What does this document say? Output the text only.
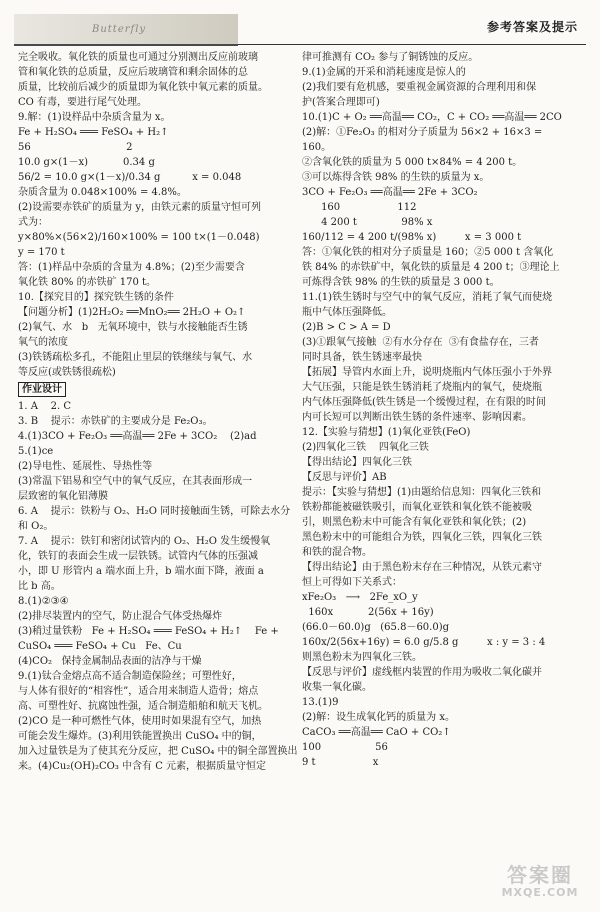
Butterfly	参考答案及提示
完全吸收。氧化铁的质量也可通过分别测出反应前玻璃
管和氧化铁的总质量，反应后玻璃管和剩余固体的总
质量，比较前后减少的质量即为氧化铁中氧元素的质量。
CO 有毒，要进行尾气处理。
9.解：(1)设样品中杂质含量为 x。
Fe + H₂SO₄ ═══ FeSO₄ + H₂↑
56                              2
10.0 g×(1－x)           0.34 g
56/2 = 10.0 g×(1－x)/0.34 g          x = 0.048
杂质含量为 0.048×100% = 4.8%。
(2)设需要赤铁矿的质量为 y，由铁元素的质量守恒可列
式为：
y×80%×(56×2)/160×100% = 100 t×(1－0.048)
y = 170 t
答：(1)样品中杂质的含量为 4.8%；(2)至少需要含
氧化铁 80% 的赤铁矿 170 t。
10.【探究目的】探究铁生锈的条件
【问题分析】(1)2H₂O₂ ══MnO₂══ 2H₂O + O₂↑
(2)氧气、水   b   无氧环境中，铁与水接触能否生锈
氧气的浓度
(3)铁锈疏松多孔，不能阻止里层的铁继续与氧气、水
等反应(或铁锈很疏松)
作业设计
1. A    2. C
3. B    提示：赤铁矿的主要成分是 Fe₂O₃。
4.(1)3CO + Fe₂O₃ ══高温══ 2Fe + 3CO₂    (2)ad
5.(1)ce
(2)导电性、延展性、导热性等
(3)常温下铝易和空气中的氧气反应，在其表面形成一
层致密的氧化铝薄膜
6. A    提示：铁粉与 O₂、H₂O 同时接触面生锈，可除去水分
和 O₂。
7. A    提示：铁钉和密闭试管内的 O₂、H₂O 发生缓慢氧
化，铁钉的表面会生成一层铁锈。试管内气体的压强减
小，即 U 形管内 a 端水面上升，b 端水面下降，液面 a
比 b 高。
8.(1)②③④
(2)排尽装置内的空气，防止混合气体受热爆炸
(3)稍过量铁粉   Fe + H₂SO₄ ═══ FeSO₄ + H₂↑    Fe +
CuSO₄ ═══ FeSO₄ + Cu   Fe、Cu
(4)CO₂   保持金属制品表面的洁净与干燥
9.(1)钛合金熔点高不适合制造保险丝；可塑性好，
与人体有很好的“相容性”，适合用来制造人造骨；熔点
高、可塑性好、抗腐蚀性强，适合制造船舶和航天飞机。
(2)CO 是一种可燃性气体，使用时如果混有空气，加热
可能会发生爆炸。(3)利用铁能置换出 CuSO₄ 中的铜，
加入过量铁是为了使其充分反应，把 CuSO₄ 中的铜全部置换出
来。(4)Cu₂(OH)₂CO₃ 中含有 C 元素，根据质量守恒定
律可推测有 CO₂ 参与了铜锈蚀的反应。
9.(1)金属的开采和消耗速度是惊人的
(2)我们要有危机感，要重视金属资源的合理利用和保
护(答案合理即可)
10.(1)C + O₂ ══高温══ CO₂，C + CO₂ ══高温══ 2CO
(2)解：①Fe₂O₃ 的相对分子质量为 56×2 + 16×3 =
160。
②含氧化铁的质量为 5 000 t×84% = 4 200 t。
③可以炼得含铁 98% 的生铁的质量为 x。
3CO + Fe₂O₃ ══高温══ 2Fe + 3CO₂
160                  112
4 200 t              98% x
160/112 = 4 200 t/(98% x)         x = 3 000 t
答：①氧化铁的相对分子质量是 160；②5 000 t 含氧化
铁 84% 的赤铁矿中，氧化铁的质量是 4 200 t；③理论上
可炼得含铁 98% 的生铁的质量是 3 000 t。
11.(1)铁生锈时与空气中的氧气反应，消耗了氧气而使烧
瓶中气体压强降低。
(2)B > C > A = D
(3)①跟氧气接触  ②有水分存在  ③有食盐存在，三者
同时具备，铁生锈速率最快
【拓展】导管内水面上升，说明烧瓶内气体压强小于外界
大气压强，只能是铁生锈消耗了烧瓶内的氧气，使烧瓶
内气体压强降低(铁生锈是一个缓慢过程，在有限的时间
内可长短可以判断出铁生锈的条件速率、影响因素。
12.【实验与猜想】(1)氧化亚铁(FeO)
(2)四氧化三铁    四氧化三铁
【得出结论】四氧化三铁
【反思与评价】AB
提示：【实验与猜想】(1)由题给信息知：四氧化三铁和
铁粉都能被磁铁吸引，而氧化亚铁和氧化铁不能被吸
引，则黑色粉末中可能含有氧化亚铁和氧化铁；(2)
黑色粉末中的可能组合为铁，四氧化三铁，四氧化三铁
和铁的混合物。
【得出结论】由于黑色粉末存在三种情况，从铁元素守
恒上可得如下关系式：
xFe₂O₃   ⟶   2Fe_xO_y
160x           2(56x + 16y)
(66.0－60.0)g   (65.8－60.0)g
160x/2(56x+16y) = 6.0 g/5.8 g         x : y = 3 : 4
则黑色粉末为四氧化三铁。
【反思与评价】虚线框内装置的作用为吸收二氧化碳并
收集一氧化碳。
13.(1)9
(2)解：设生成氧化钙的质量为 x。
CaCO₃ ══高温══ CaO + CO₂↑
100                 56
9 t                  x
答案圈
MXQE.COM
